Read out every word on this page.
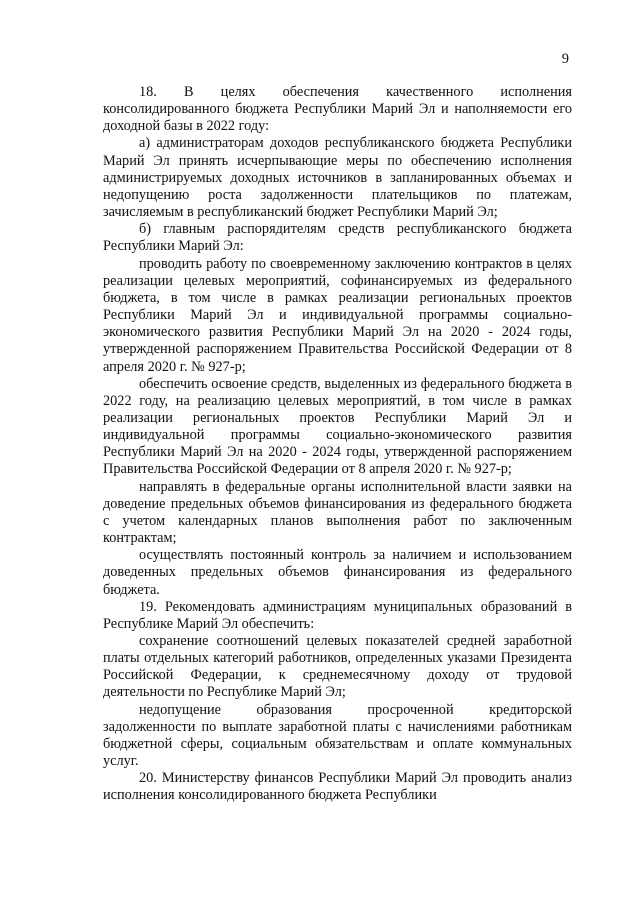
9

18. В целях обеспечения качественного исполнения консолидированного бюджета Республики Марий Эл и наполняемости его доходной базы в 2022 году:

а) администраторам доходов республиканского бюджета Республики Марий Эл принять исчерпывающие меры по обеспечению исполнения администрируемых доходных источников в запланированных объемах и недопущению роста задолженности плательщиков по платежам, зачисляемым в республиканский бюджет Республики Марий Эл;

б) главным распорядителям средств республиканского бюджета Республики Марий Эл:

проводить работу по своевременному заключению контрактов в целях реализации целевых мероприятий, софинансируемых из федерального бюджета, в том числе в рамках реализации региональных проектов Республики Марий Эл и индивидуальной программы социально-экономического развития Республики Марий Эл на 2020 - 2024 годы, утвержденной распоряжением Правительства Российской Федерации от 8 апреля 2020 г. № 927-р;

обеспечить освоение средств, выделенных из федерального бюджета в 2022 году, на реализацию целевых мероприятий, в том числе в рамках реализации региональных проектов Республики Марий Эл и индивидуальной программы социально-экономического развития Республики Марий Эл на 2020 - 2024 годы, утвержденной распоряжением Правительства Российской Федерации от 8 апреля 2020 г. № 927-р;

направлять в федеральные органы исполнительной власти заявки на доведение предельных объемов финансирования из федерального бюджета с учетом календарных планов выполнения работ по заключенным контрактам;

осуществлять постоянный контроль за наличием и использованием доведенных предельных объемов финансирования из федерального бюджета.

19. Рекомендовать администрациям муниципальных образований в Республике Марий Эл обеспечить:

сохранение соотношений целевых показателей средней заработной платы отдельных категорий работников, определенных указами Президента Российской Федерации, к среднемесячному доходу от трудовой деятельности по Республике Марий Эл;

недопущение образования просроченной кредиторской задолженности по выплате заработной платы с начислениями работникам бюджетной сферы, социальным обязательствам и оплате коммунальных услуг.

20. Министерству финансов Республики Марий Эл проводить анализ исполнения консолидированного бюджета Республики
